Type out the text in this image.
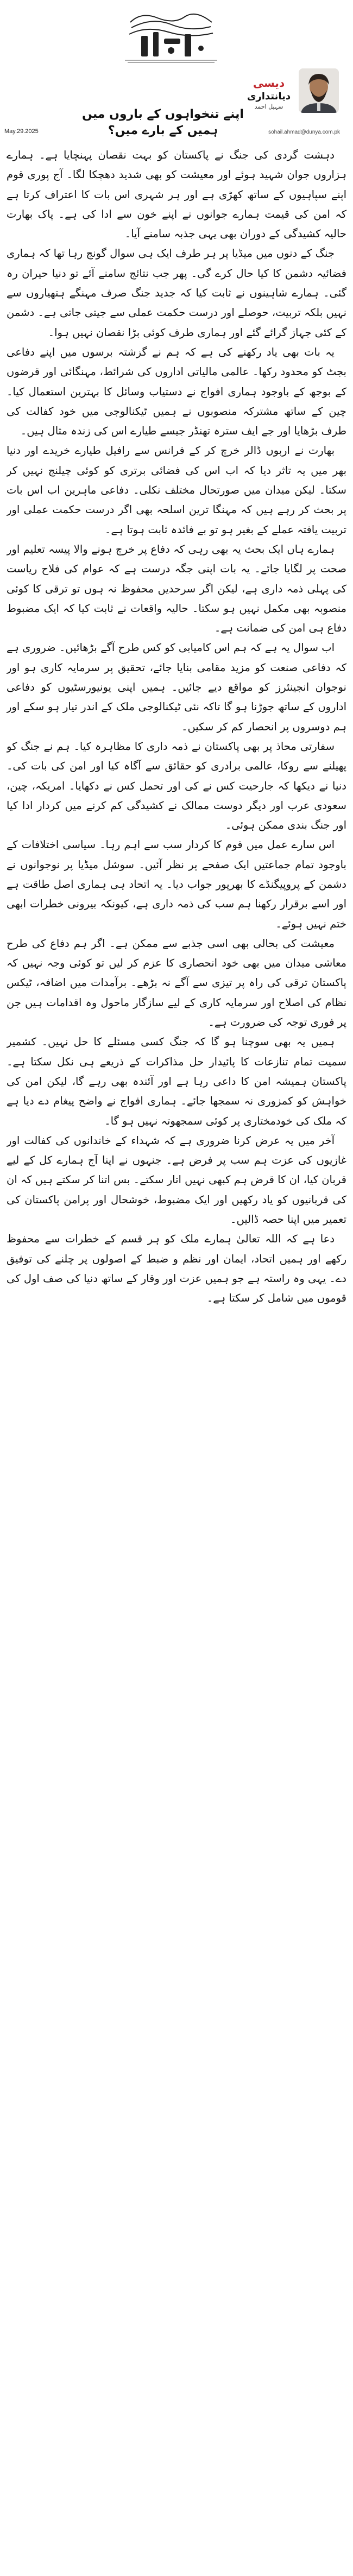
دیسی
دیانتداری
سہیل احمد
اپنے تنخواہوں کے باروں میں ہمیں کے بارے میں؟
May.29.2025	sohail.ahmad@dunya.com.pk

دہشت گردی کی جنگ نے پاکستان کو بہت نقصان پہنچایا ہے۔ ہمارے ہزاروں جوان شہید ہوئے اور معیشت کو بھی شدید دھچکا لگا۔ آج پوری قوم اپنے سپاہیوں کے ساتھ کھڑی ہے اور ہر شہری اس بات کا اعتراف کرتا ہے کہ امن کی قیمت ہمارے جوانوں نے اپنے خون سے ادا کی ہے۔ پاک بھارت حالیہ کشیدگی کے دوران بھی یہی جذبہ سامنے آیا۔

جنگ کے دنوں میں میڈیا پر ہر طرف ایک ہی سوال گونج رہا تھا کہ ہماری فضائیہ دشمن کا کیا حال کرے گی۔ پھر جب نتائج سامنے آئے تو دنیا حیران رہ گئی۔ ہمارے شاہینوں نے ثابت کیا کہ جدید جنگ صرف مہنگے ہتھیاروں سے نہیں بلکہ تربیت، حوصلے اور درست حکمت عملی سے جیتی جاتی ہے۔ دشمن کے کئی جہاز گرائے گئے اور ہماری طرف کوئی بڑا نقصان نہیں ہوا۔

یہ بات بھی یاد رکھنے کی ہے کہ ہم نے گزشتہ برسوں میں اپنے دفاعی بجٹ کو محدود رکھا۔ عالمی مالیاتی اداروں کی شرائط، مہنگائی اور قرضوں کے بوجھ کے باوجود ہماری افواج نے دستیاب وسائل کا بہترین استعمال کیا۔ چین کے ساتھ مشترکہ منصوبوں نے ہمیں ٹیکنالوجی میں خود کفالت کی طرف بڑھایا اور جے ایف سترہ تھنڈر جیسے طیارے اس کی زندہ مثال ہیں۔

بھارت نے اربوں ڈالر خرچ کر کے فرانس سے رافیل طیارے خریدے اور دنیا بھر میں یہ تاثر دیا کہ اب اس کی فضائی برتری کو کوئی چیلنج نہیں کر سکتا۔ لیکن میدان میں صورتحال مختلف نکلی۔ دفاعی ماہرین اب اس بات پر بحث کر رہے ہیں کہ مہنگا ترین اسلحہ بھی اگر درست حکمت عملی اور تربیت یافتہ عملے کے بغیر ہو تو بے فائدہ ثابت ہوتا ہے۔

ہمارے ہاں ایک بحث یہ بھی رہی کہ دفاع پر خرچ ہونے والا پیسہ تعلیم اور صحت پر لگایا جائے۔ یہ بات اپنی جگہ درست ہے کہ عوام کی فلاح ریاست کی پہلی ذمہ داری ہے، لیکن اگر سرحدیں محفوظ نہ ہوں تو ترقی کا کوئی منصوبہ بھی مکمل نہیں ہو سکتا۔ حالیہ واقعات نے ثابت کیا کہ ایک مضبوط دفاع ہی امن کی ضمانت ہے۔

اب سوال یہ ہے کہ ہم اس کامیابی کو کس طرح آگے بڑھائیں۔ ضروری ہے کہ دفاعی صنعت کو مزید مقامی بنایا جائے، تحقیق پر سرمایہ کاری ہو اور نوجوان انجینئرز کو مواقع دیے جائیں۔ ہمیں اپنی یونیورسٹیوں کو دفاعی اداروں کے ساتھ جوڑنا ہو گا تاکہ نئی ٹیکنالوجی ملک کے اندر تیار ہو سکے اور ہم دوسروں پر انحصار کم کر سکیں۔

سفارتی محاذ پر بھی پاکستان نے ذمہ داری کا مظاہرہ کیا۔ ہم نے جنگ کو پھیلنے سے روکا، عالمی برادری کو حقائق سے آگاہ کیا اور امن کی بات کی۔ دنیا نے دیکھا کہ جارحیت کس نے کی اور تحمل کس نے دکھایا۔ امریکہ، چین، سعودی عرب اور دیگر دوست ممالک نے کشیدگی کم کرنے میں کردار ادا کیا اور جنگ بندی ممکن ہوئی۔

اس سارے عمل میں قوم کا کردار سب سے اہم رہا۔ سیاسی اختلافات کے باوجود تمام جماعتیں ایک صفحے پر نظر آئیں۔ سوشل میڈیا پر نوجوانوں نے دشمن کے پروپیگنڈے کا بھرپور جواب دیا۔ یہ اتحاد ہی ہماری اصل طاقت ہے اور اسے برقرار رکھنا ہم سب کی ذمہ داری ہے، کیونکہ بیرونی خطرات ابھی ختم نہیں ہوئے۔

معیشت کی بحالی بھی اسی جذبے سے ممکن ہے۔ اگر ہم دفاع کی طرح معاشی میدان میں بھی خود انحصاری کا عزم کر لیں تو کوئی وجہ نہیں کہ پاکستان ترقی کی راہ پر تیزی سے آگے نہ بڑھے۔ برآمدات میں اضافہ، ٹیکس نظام کی اصلاح اور سرمایہ کاری کے لیے سازگار ماحول وہ اقدامات ہیں جن پر فوری توجہ کی ضرورت ہے۔

ہمیں یہ بھی سوچنا ہو گا کہ جنگ کسی مسئلے کا حل نہیں۔ کشمیر سمیت تمام تنازعات کا پائیدار حل مذاکرات کے ذریعے ہی نکل سکتا ہے۔ پاکستان ہمیشہ امن کا داعی رہا ہے اور آئندہ بھی رہے گا، لیکن امن کی خواہش کو کمزوری نہ سمجھا جائے۔ ہماری افواج نے واضح پیغام دے دیا ہے کہ ملک کی خودمختاری پر کوئی سمجھوتہ نہیں ہو گا۔

آخر میں یہ عرض کرنا ضروری ہے کہ شہداء کے خاندانوں کی کفالت اور غازیوں کی عزت ہم سب پر فرض ہے۔ جنہوں نے اپنا آج ہمارے کل کے لیے قربان کیا، ان کا قرض ہم کبھی نہیں اتار سکتے۔ بس اتنا کر سکتے ہیں کہ ان کی قربانیوں کو یاد رکھیں اور ایک مضبوط، خوشحال اور پرامن پاکستان کی تعمیر میں اپنا حصہ ڈالیں۔

دعا ہے کہ اللہ تعالیٰ ہمارے ملک کو ہر قسم کے خطرات سے محفوظ رکھے اور ہمیں اتحاد، ایمان اور نظم و ضبط کے اصولوں پر چلنے کی توفیق دے۔ یہی وہ راستہ ہے جو ہمیں عزت اور وقار کے ساتھ دنیا کی صف اول کی قوموں میں شامل کر سکتا ہے۔
